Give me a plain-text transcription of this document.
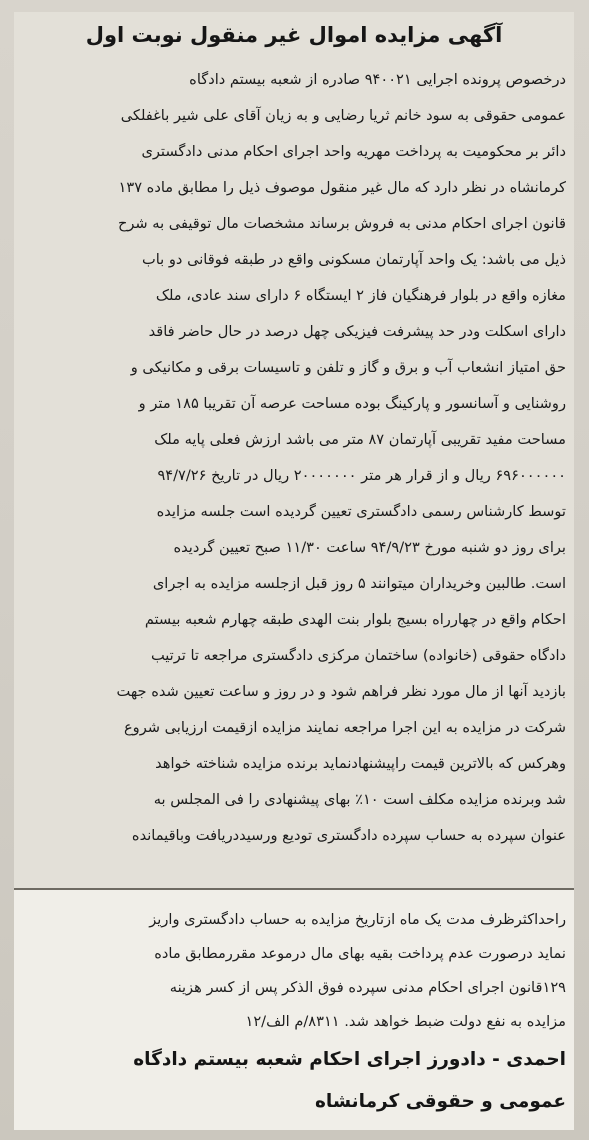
آگهی مزایده اموال غیر منقول نوبت اول
درخصوص پرونده اجرایی ۹۴۰۰۲۱ صادره از شعبه بیستم دادگاه
عمومی حقوقی به سود خانم ثریا رضایی و به زیان آقای علی شیر باغفلکی
دائر بر محکومیت به پرداخت مهریه واحد اجرای احکام مدنی دادگستری
کرمانشاه در نظر دارد که مال غیر منقول موصوف ذیل را مطابق ماده ۱۳۷
قانون اجرای احکام مدنی به فروش برساند مشخصات مال توقیفی به شرح
ذیل می باشد: یک واحد آپارتمان مسکونی واقع در طبقه فوقانی دو باب
مغازه واقع در بلوار فرهنگیان فاز ۲ ایستگاه ۶ دارای سند عادی، ملک
دارای اسکلت ودر حد پیشرفت فیزیکی چهل درصد در حال حاضر فاقد
حق امتیاز انشعاب آب و برق و گاز و تلفن و تاسیسات برقی و مکانیکی و
روشنایی و آسانسور و پارکینگ بوده مساحت عرصه آن تقریبا ۱۸۵ متر و
مساحت مفید تقریبی آپارتمان ۸۷ متر می باشد ارزش فعلی پایه ملک
۶۹۶۰۰۰۰۰۰ ریال و از قرار هر متر ۲۰۰۰۰۰۰۰ ریال در تاریخ ۹۴/۷/۲۶
توسط کارشناس رسمی دادگستری تعیین گردیده است جلسه مزایده
برای روز دو شنبه مورخ ۹۴/۹/۲۳ ساعت ۱۱/۳۰ صبح تعیین گردیده
است. طالبین وخریداران میتوانند ۵ روز قبل ازجلسه مزایده به اجرای
احکام واقع در چهارراه بسیج بلوار بنت الهدی طبقه چهارم شعبه بیستم
دادگاه حقوقی (خانواده) ساختمان مرکزی دادگستری مراجعه تا ترتیب
بازدید آنها از مال مورد نظر فراهم شود و در روز و ساعت تعیین شده جهت
شرکت در مزایده به این اجرا مراجعه نمایند مزایده ازقیمت ارزیابی شروع
وهرکس که بالاترین قیمت راپیشنهادنماید برنده مزایده شناخته خواهد
شد وبرنده مزایده مکلف است ۱۰٪ بهای پیشنهادی را فی المجلس به
عنوان سپرده به حساب سپرده دادگستری تودیع ورسیددریافت وباقیمانده
راحداکثرظرف مدت یک ماه ازتاریخ مزایده به حساب دادگستری واریز
نماید درصورت عدم پرداخت بقیه بهای مال درموعد مقررمطابق ماده
۱۲۹قانون اجرای احکام مدنی سپرده فوق الذکر پس از کسر هزینه
مزایده به نفع دولت ضبط خواهد شد. ۸۳۱۱/م الف/۱۲
احمدی - دادورز اجرای احکام شعبه بیستم دادگاه
عمومی و حقوقی کرمانشاه
